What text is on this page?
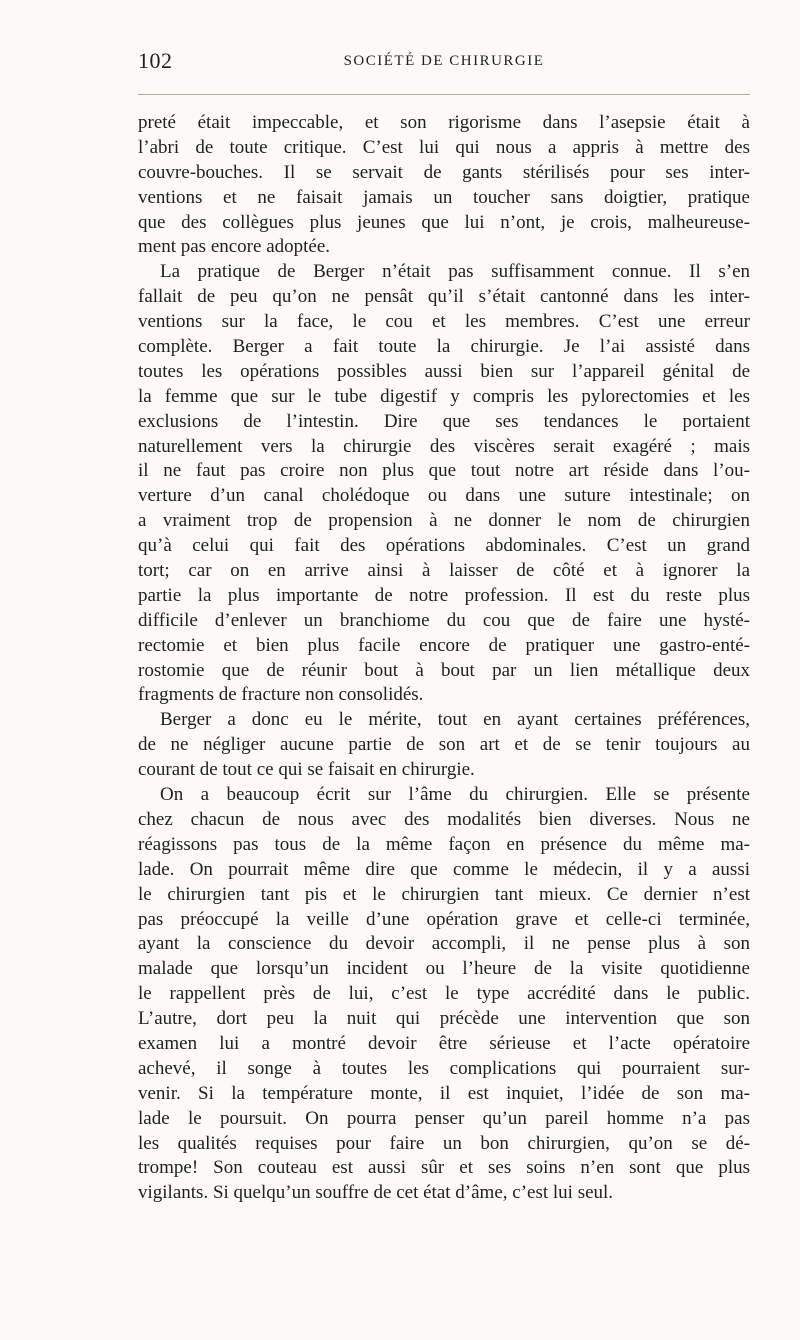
102	SOCIÉTÉ DE CHIRURGIE
preté était impeccable, et son rigorisme dans l’asepsie était à
l’abri de toute critique. C’est lui qui nous a appris à mettre des
couvre-bouches. Il se servait de gants stérilisés pour ses inter-
ventions et ne faisait jamais un toucher sans doigtier, pratique
que des collègues plus jeunes que lui n’ont, je crois, malheureuse-
ment pas encore adoptée.
La pratique de Berger n’était pas suffisamment connue. Il s’en
fallait de peu qu’on ne pensât qu’il s’était cantonné dans les inter-
ventions sur la face, le cou et les membres. C’est une erreur
complète. Berger a fait toute la chirurgie. Je l’ai assisté dans
toutes les opérations possibles aussi bien sur l’appareil génital de
la femme que sur le tube digestif y compris les pylorectomies et les
exclusions de l’intestin. Dire que ses tendances le portaient
naturellement vers la chirurgie des viscères serait exagéré ; mais
il ne faut pas croire non plus que tout notre art réside dans l’ou-
verture d’un canal cholédoque ou dans une suture intestinale; on
a vraiment trop de propension à ne donner le nom de chirurgien
qu’à celui qui fait des opérations abdominales. C’est un grand
tort; car on en arrive ainsi à laisser de côté et à ignorer la
partie la plus importante de notre profession. Il est du reste plus
difficile d’enlever un branchiome du cou que de faire une hysté-
rectomie et bien plus facile encore de pratiquer une gastro-enté-
rostomie que de réunir bout à bout par un lien métallique deux
fragments de fracture non consolidés.
Berger a donc eu le mérite, tout en ayant certaines préférences,
de ne négliger aucune partie de son art et de se tenir toujours au
courant de tout ce qui se faisait en chirurgie.
On a beaucoup écrit sur l’âme du chirurgien. Elle se présente
chez chacun de nous avec des modalités bien diverses. Nous ne
réagissons pas tous de la même façon en présence du même ma-
lade. On pourrait même dire que comme le médecin, il y a aussi
le chirurgien tant pis et le chirurgien tant mieux. Ce dernier n’est
pas préoccupé la veille d’une opération grave et celle-ci terminée,
ayant la conscience du devoir accompli, il ne pense plus à son
malade que lorsqu’un incident ou l’heure de la visite quotidienne
le rappellent près de lui, c’est le type accrédité dans le public.
L’autre, dort peu la nuit qui précède une intervention que son
examen lui a montré devoir être sérieuse et l’acte opératoire
achevé, il songe à toutes les complications qui pourraient sur-
venir. Si la température monte, il est inquiet, l’idée de son ma-
lade le poursuit. On pourra penser qu’un pareil homme n’a pas
les qualités requises pour faire un bon chirurgien, qu’on se dé-
trompe! Son couteau est aussi sûr et ses soins n’en sont que plus
vigilants. Si quelqu’un souffre de cet état d’âme, c’est lui seul.
